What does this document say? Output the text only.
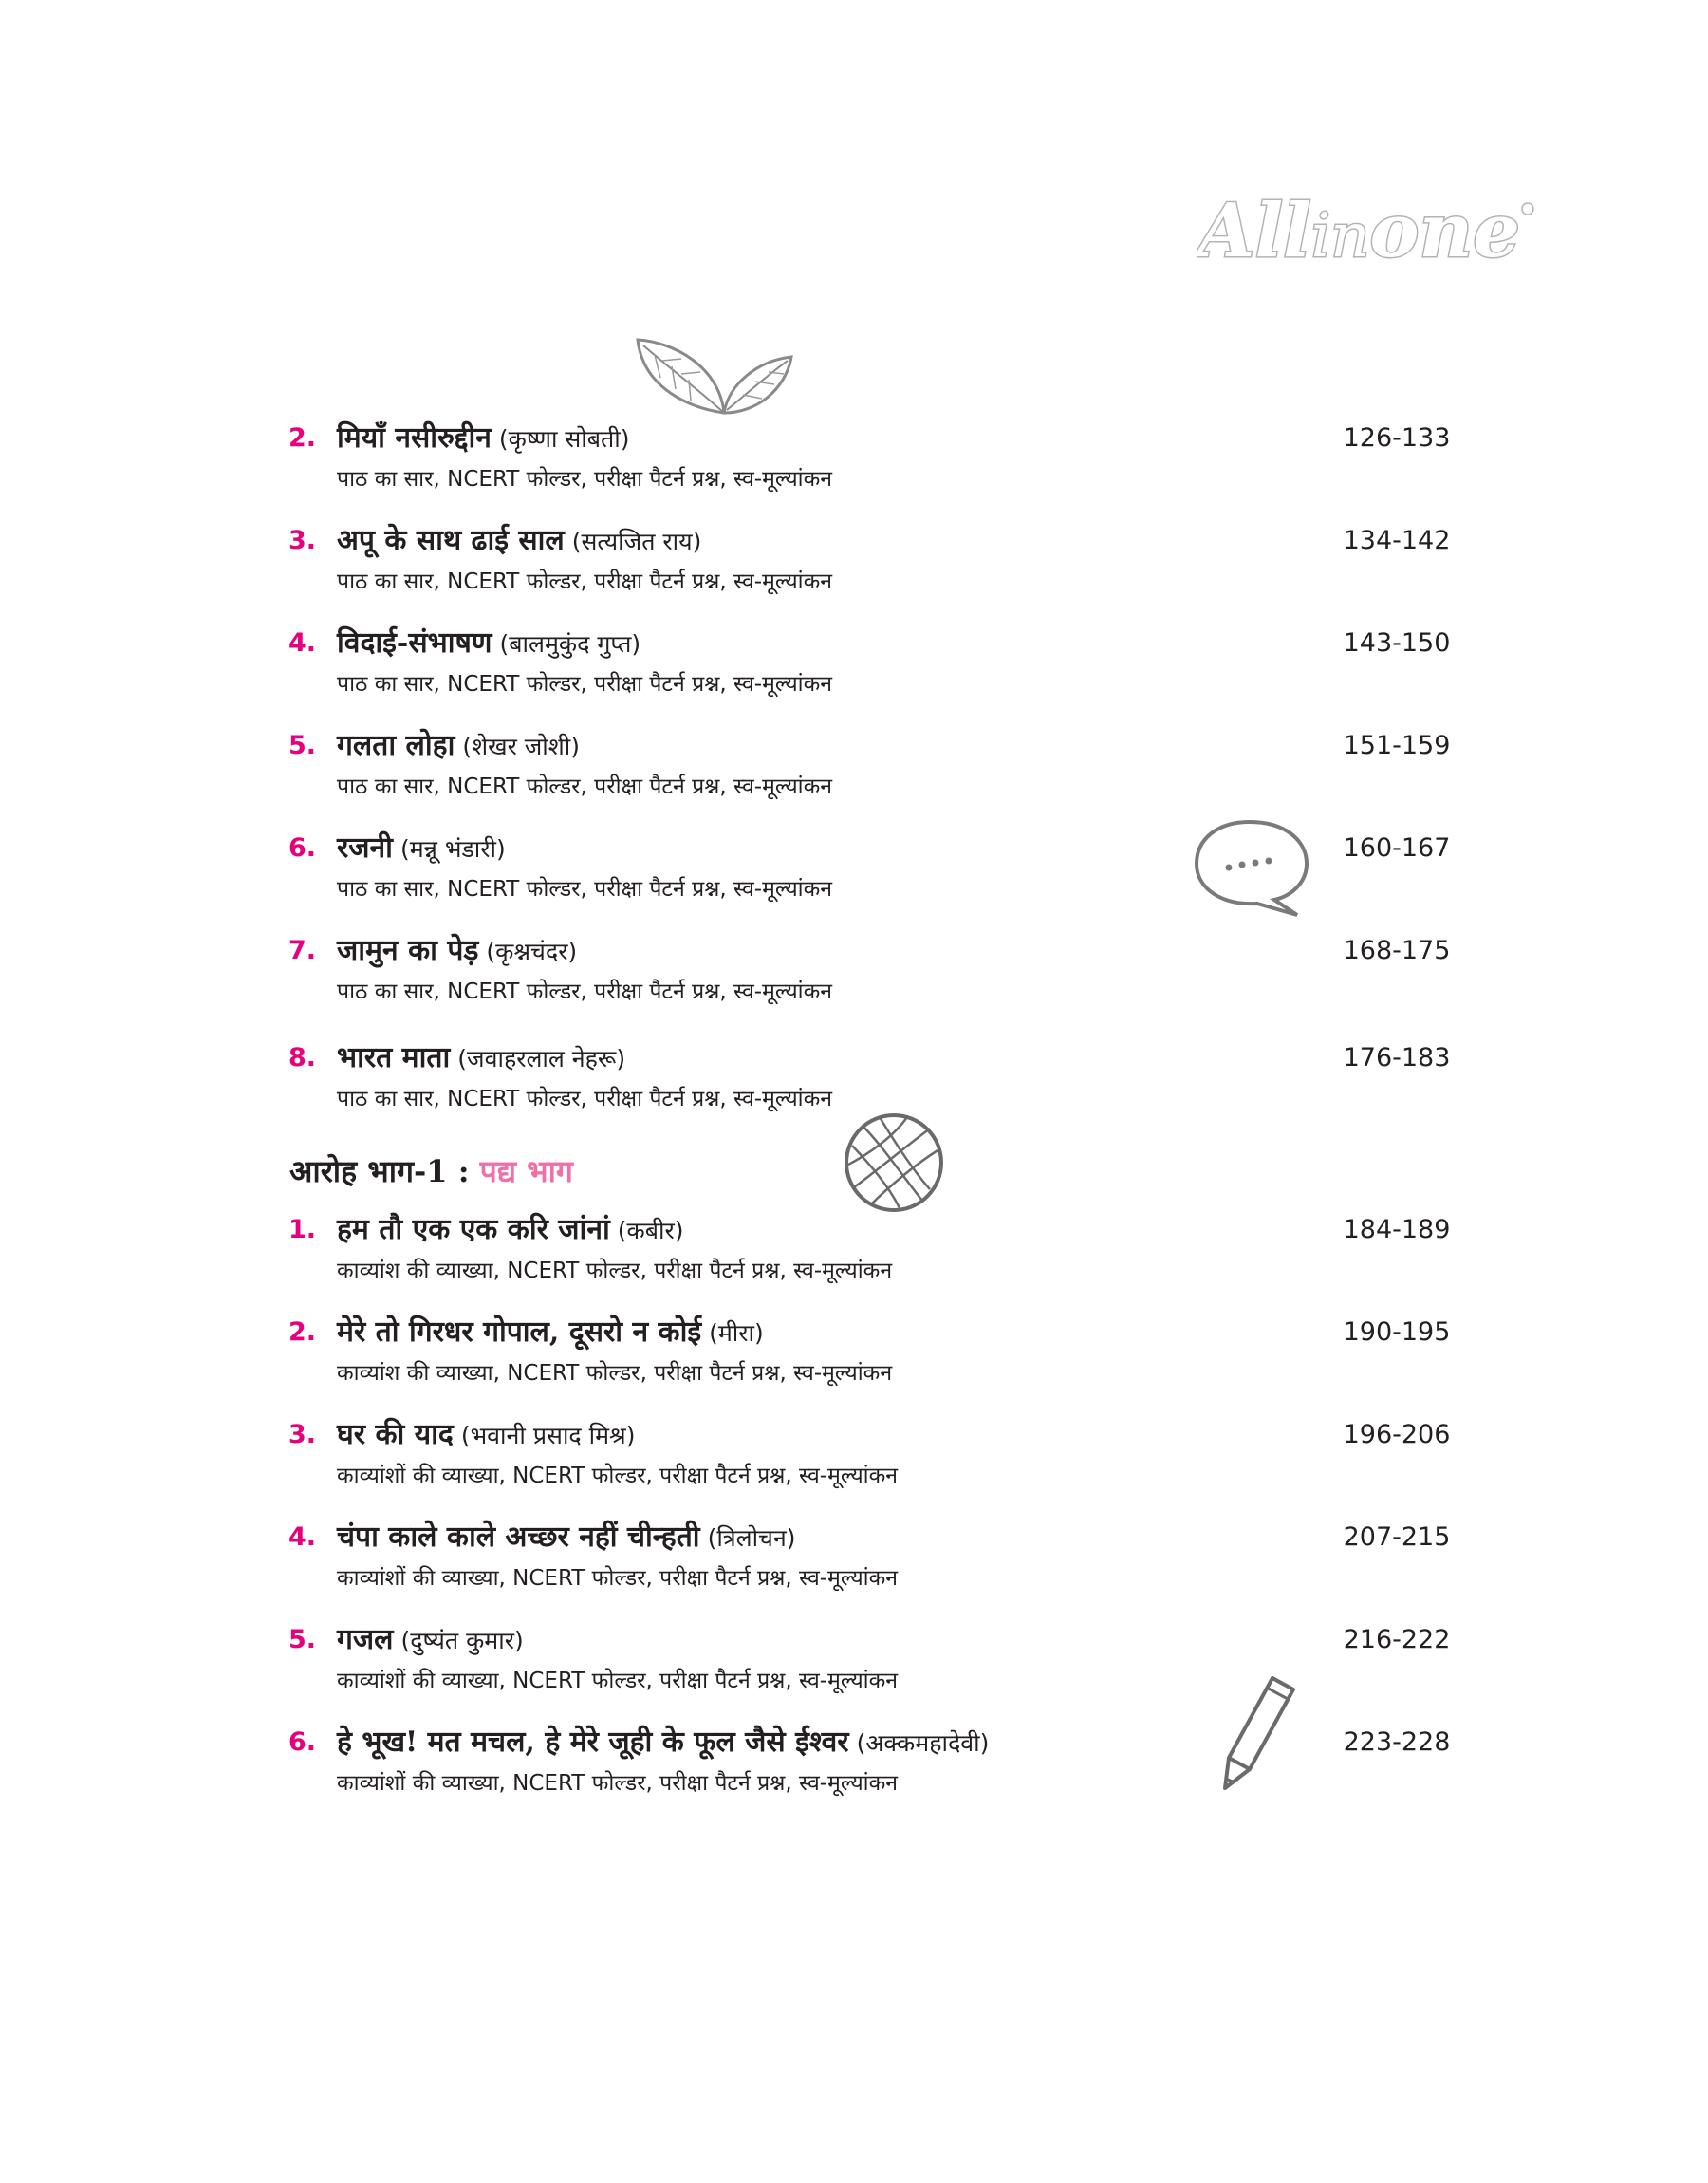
Allinone
2. मियाँ नसीरुद्दीन (कृष्णा सोबती)
पाठ का सार, NCERT फोल्डर, परीक्षा पैटर्न प्रश्न, स्व-मूल्यांकन
126-133
3. अपू के साथ ढाई साल (सत्यजित राय)
पाठ का सार, NCERT फोल्डर, परीक्षा पैटर्न प्रश्न, स्व-मूल्यांकन
134-142
4. विदाई-संभाषण (बालमुकुंद गुप्त)
पाठ का सार, NCERT फोल्डर, परीक्षा पैटर्न प्रश्न, स्व-मूल्यांकन
143-150
5. गलता लोहा (शेखर जोशी)
पाठ का सार, NCERT फोल्डर, परीक्षा पैटर्न प्रश्न, स्व-मूल्यांकन
151-159
6. रजनी (मन्नू भंडारी)
पाठ का सार, NCERT फोल्डर, परीक्षा पैटर्न प्रश्न, स्व-मूल्यांकन
160-167
7. जामुन का पेड़ (कृश्नचंदर)
पाठ का सार, NCERT फोल्डर, परीक्षा पैटर्न प्रश्न, स्व-मूल्यांकन
168-175
8. भारत माता (जवाहरलाल नेहरू)
पाठ का सार, NCERT फोल्डर, परीक्षा पैटर्न प्रश्न, स्व-मूल्यांकन
176-183
आरोह भाग-1 : पद्य भाग
1. हम तौ एक एक करि जांनां (कबीर)
काव्यांश की व्याख्या, NCERT फोल्डर, परीक्षा पैटर्न प्रश्न, स्व-मूल्यांकन
184-189
2. मेरे तो गिरधर गोपाल, दूसरो न कोई (मीरा)
काव्यांश की व्याख्या, NCERT फोल्डर, परीक्षा पैटर्न प्रश्न, स्व-मूल्यांकन
190-195
3. घर की याद (भवानी प्रसाद मिश्र)
काव्यांशों की व्याख्या, NCERT फोल्डर, परीक्षा पैटर्न प्रश्न, स्व-मूल्यांकन
196-206
4. चंपा काले काले अच्छर नहीं चीन्हती (त्रिलोचन)
काव्यांशों की व्याख्या, NCERT फोल्डर, परीक्षा पैटर्न प्रश्न, स्व-मूल्यांकन
207-215
5. गजल (दुष्यंत कुमार)
काव्यांशों की व्याख्या, NCERT फोल्डर, परीक्षा पैटर्न प्रश्न, स्व-मूल्यांकन
216-222
6. हे भूख! मत मचल, हे मेरे जूही के फूल जैसे ईश्वर (अक्कमहादेवी)
काव्यांशों की व्याख्या, NCERT फोल्डर, परीक्षा पैटर्न प्रश्न, स्व-मूल्यांकन
223-228
